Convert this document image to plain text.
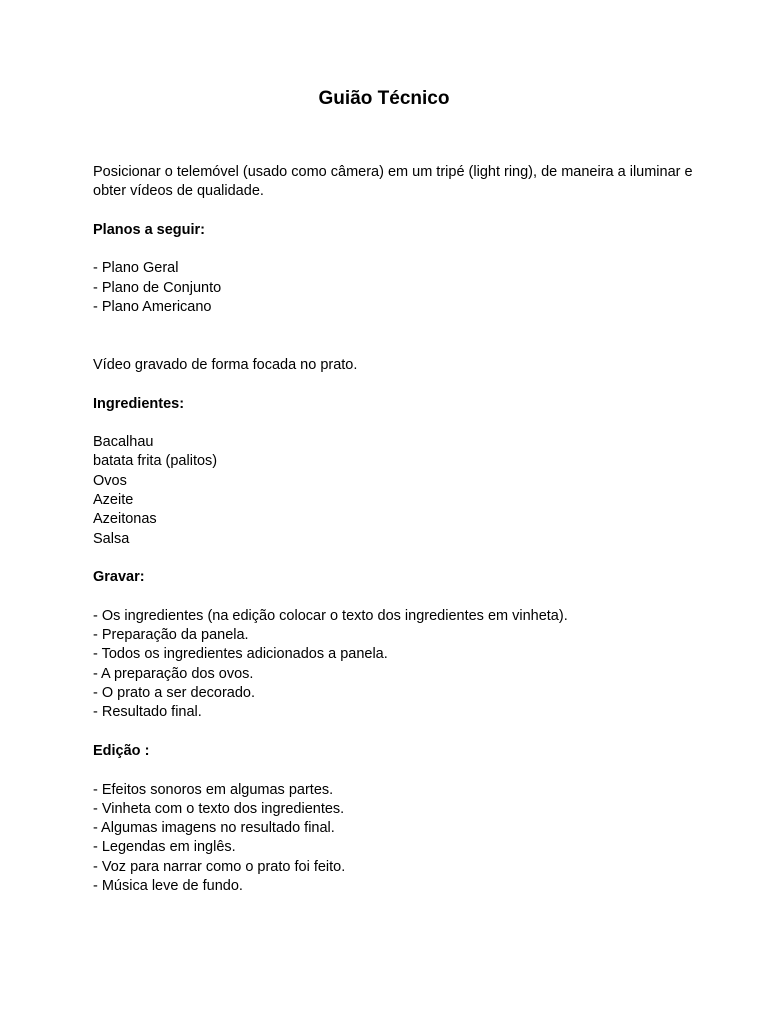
Guião Técnico

Posicionar o telemóvel (usado como câmera) em um tripé (light ring), de maneira a iluminar e obter vídeos de qualidade.

Planos a seguir:

- Plano Geral
- Plano de Conjunto
- Plano Americano

Vídeo gravado de forma focada no prato.

Ingredientes:

Bacalhau
batata frita (palitos)
Ovos
Azeite
Azeitonas
Salsa

Gravar:

- Os ingredientes (na edição colocar o texto dos ingredientes em vinheta).
- Preparação da panela.
- Todos os ingredientes adicionados a panela.
- A preparação dos ovos.
- O prato a ser decorado.
- Resultado final.

Edição :

- Efeitos sonoros em algumas partes.
- Vinheta com o texto dos ingredientes.
- Algumas imagens no resultado final.
- Legendas em inglês.
- Voz para narrar como o prato foi feito.
- Música leve de fundo.
